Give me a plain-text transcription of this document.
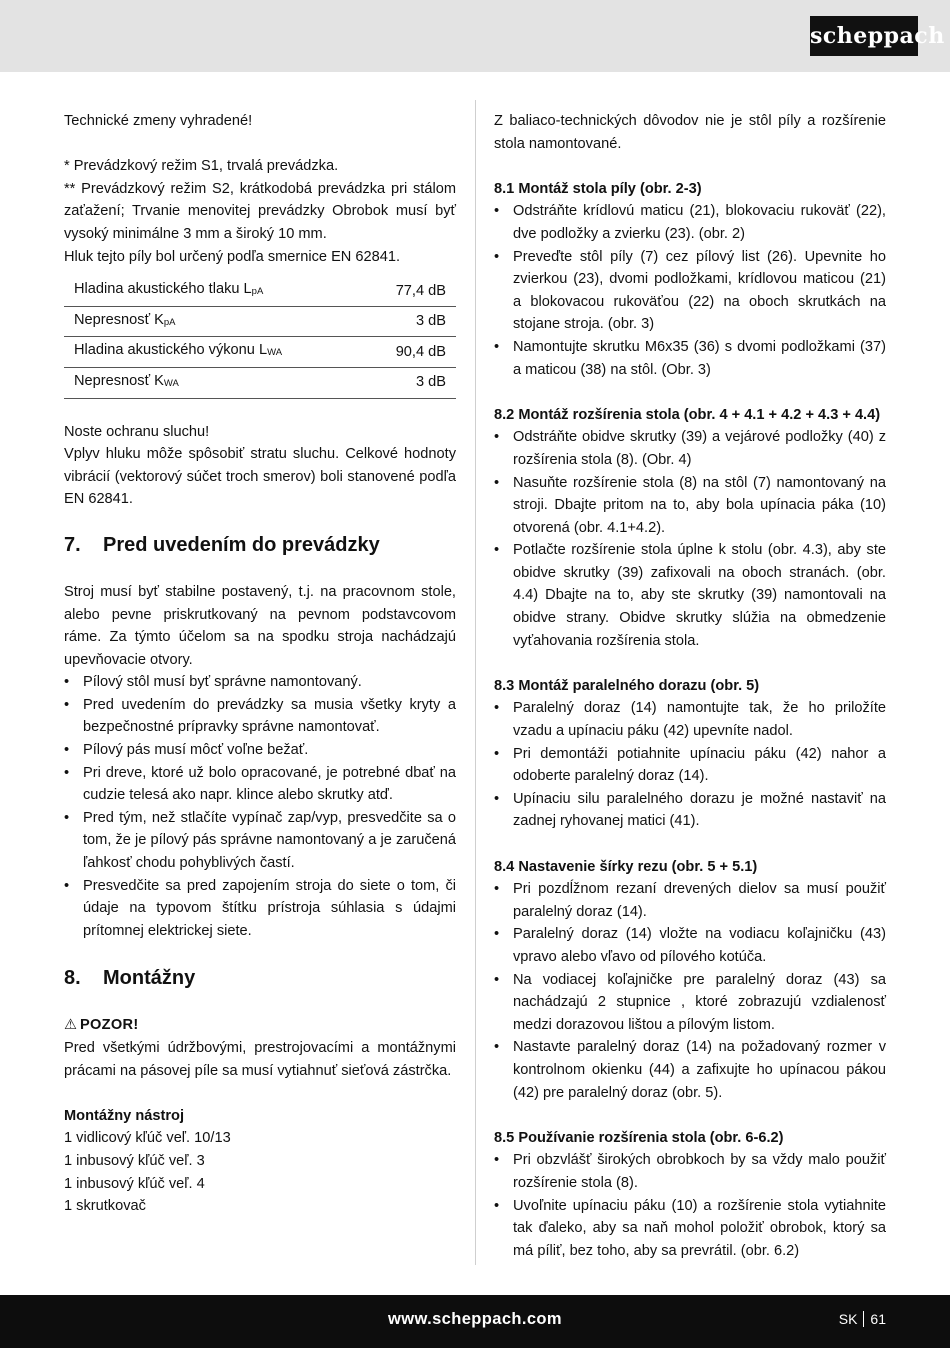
scheppach

Technické zmeny vyhradené!

* Prevádzkový režim S1, trvalá prevádzka.

** Prevádzkový režim S2, krátkodobá prevádzka pri stálom zaťažení; Trvanie menovitej prevádzky Obrobok musí byť vysoký minimálne 3 mm a široký 10 mm.

Hluk tejto píly bol určený podľa smernice EN 62841.

Hladina akustického tlaku LpA	77,4 dB
Nepresnosť KpA	3 dB
Hladina akustického výkonu LWA	90,4 dB
Nepresnosť KWA	3 dB

Noste ochranu sluchu!

Vplyv hluku môže spôsobiť stratu sluchu. Celkové hodnoty vibrácií (vektorový súčet troch smerov) boli stanovené podľa EN 62841.

7. Pred uvedením do prevádzky

Stroj musí byť stabilne postavený, t.j. na pracovnom stole, alebo pevne priskrutkovaný na pevnom podstavcovom ráme. Za týmto účelom sa na spodku stroja nachádzajú upevňovacie otvory.

• Pílový stôl musí byť správne namontovaný.
• Pred uvedením do prevádzky sa musia všetky kryty a bezpečnostné prípravky správne namontovať.
• Pílový pás musí môcť voľne bežať.
• Pri dreve, ktoré už bolo opracované, je potrebné dbať na cudzie telesá ako napr. klince alebo skrutky atď.
• Pred tým, než stlačíte vypínač zap/vyp, presvedčite sa o tom, že je pílový pás správne namontovaný a je zaručená ľahkosť chodu pohyblivých častí.
• Presvedčite sa pred zapojením stroja do siete o tom, či údaje na typovom štítku prístroja súhlasia s údajmi prítomnej elektrickej siete.
8. Montážny

⚠ POZOR!

Pred všetkými údržbovými, prestrojovacími a montážnymi prácami na pásovej píle sa musí vytiahnuť sieťová zástrčka.

Montážny nástroj

1 vidlicový kľúč veľ. 10/13

1 inbusový kľúč veľ. 3

1 inbusový kľúč veľ. 4

1 skrutkovač

Z baliaco-technických dôvodov nie je stôl píly a rozšírenie stola namontované.

8.1 Montáž stola píly (obr. 2-3)

• Odstráňte krídlovú maticu (21), blokovaciu rukoväť (22), dve podložky a zvierku (23). (obr. 2)
• Preveďte stôl píly (7) cez pílový list (26). Upevnite ho zvierkou (23), dvomi podložkami, krídlovou maticou (21) a blokovacou rukoväťou (22) na oboch skrutkách na stojane stroja. (obr. 3)
• Namontujte skrutku M6x35 (36) s dvomi podložkami (37) a maticou (38) na stôl. (Obr. 3)

8.2 Montáž rozšírenia stola (obr. 4 + 4.1 + 4.2 + 4.3 + 4.4)

• Odstráňte obidve skrutky (39) a vejárové podložky (40) z rozšírenia stola (8). (Obr. 4)
• Nasuňte rozšírenie stola (8) na stôl (7) namontovaný na stroji. Dbajte pritom na to, aby bola upínacia páka (10) otvorená (obr. 4.1+4.2).
• Potlačte rozšírenie stola úplne k stolu (obr. 4.3), aby ste obidve skrutky (39) zafixovali na oboch stranách. (obr. 4.4) Dbajte na to, aby ste skrutky (39) namontovali na obidve strany. Obidve skrutky slúžia na obmedzenie vyťahovania rozšírenia stola.

8.3 Montáž paralelného dorazu (obr. 5)

• Paralelný doraz (14) namontujte tak, že ho priložíte vzadu a upínaciu páku (42) upevníte nadol.
• Pri demontáži potiahnite upínaciu páku (42) nahor a odoberte paralelný doraz (14).
• Upínaciu silu paralelného dorazu je možné nastaviť na zadnej ryhovanej matici (41).

8.4 Nastavenie šírky rezu (obr. 5 + 5.1)

• Pri pozdĺžnom rezaní drevených dielov sa musí použiť paralelný doraz (14).
• Paralelný doraz (14) vložte na vodiacu koľajničku (43) vpravo alebo vľavo od pílového kotúča.
• Na vodiacej koľajničke pre paralelný doraz (43) sa nachádzajú 2 stupnice , ktoré zobrazujú vzdialenosť medzi dorazovou lištou a pílovým listom.
• Nastavte paralelný doraz (14) na požadovaný rozmer v kontrolnom okienku (44) a zafixujte ho upínacou pákou (42) pre paralelný doraz (obr. 5).

8.5 Používanie rozšírenia stola (obr. 6-6.2)

• Pri obzvlášť širokých obrobkoch by sa vždy malo použiť rozšírenie stola (8).
• Uvoľnite upínaciu páku (10) a rozšírenie stola vytiahnite tak ďaleko, aby sa naň mohol položiť obrobok, ktorý sa má píliť, bez toho, aby sa prevrátil. (obr. 6.2)
www.scheppach.com	SK 61
